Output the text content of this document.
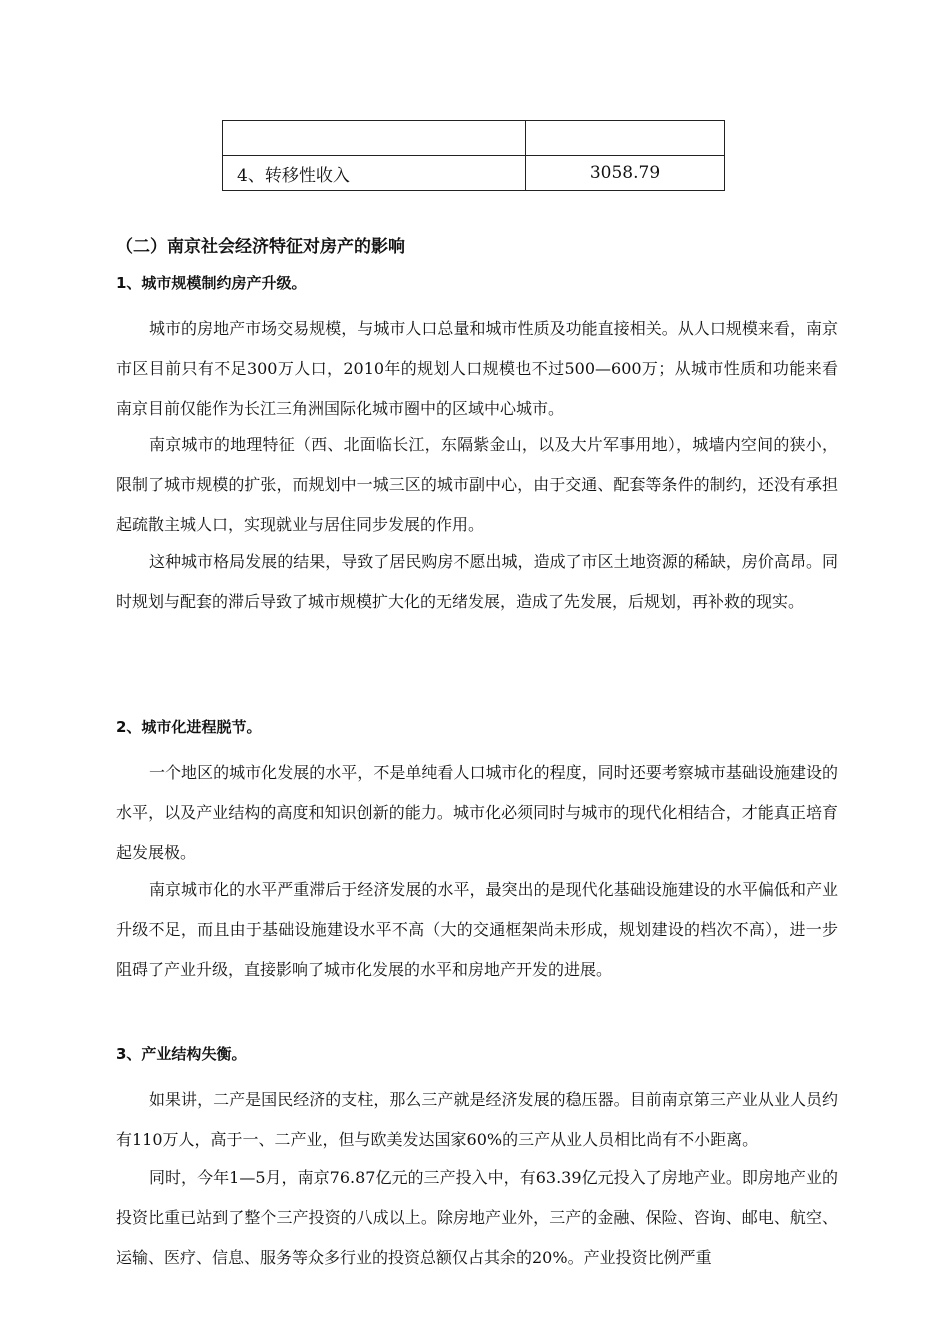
4、转移性收入	3058.79
（二）南京社会经济特征对房产的影响
1、城市规模制约房产升级。

城市的房地产市场交易规模，与城市人口总量和城市性质及功能直接相关。从人口规模来看，南京市区目前只有不足300万人口，2010年的规划人口规模也不过500—600万；从城市性质和功能来看南京目前仅能作为长江三角洲国际化城市圈中的区域中心城市。

南京城市的地理特征（西、北面临长江，东隔紫金山，以及大片军事用地），城墙内空间的狭小，限制了城市规模的扩张，而规划中一城三区的城市副中心，由于交通、配套等条件的制约，还没有承担起疏散主城人口，实现就业与居住同步发展的作用。

这种城市格局发展的结果，导致了居民购房不愿出城，造成了市区土地资源的稀缺，房价高昂。同时规划与配套的滞后导致了城市规模扩大化的无绪发展，造成了先发展，后规划，再补救的现实。

2、城市化进程脱节。

一个地区的城市化发展的水平，不是单纯看人口城市化的程度，同时还要考察城市基础设施建设的水平，以及产业结构的高度和知识创新的能力。城市化必须同时与城市的现代化相结合，才能真正培育起发展极。

南京城市化的水平严重滞后于经济发展的水平，最突出的是现代化基础设施建设的水平偏低和产业升级不足，而且由于基础设施建设水平不高（大的交通框架尚未形成，规划建设的档次不高），进一步阻碍了产业升级，直接影响了城市化发展的水平和房地产开发的进展。

3、产业结构失衡。

如果讲，二产是国民经济的支柱，那么三产就是经济发展的稳压器。目前南京第三产业从业人员约有110万人，高于一、二产业，但与欧美发达国家60%的三产从业人员相比尚有不小距离。

同时，今年1—5月，南京76.87亿元的三产投入中，有63.39亿元投入了房地产业。即房地产业的投资比重已站到了整个三产投资的八成以上。除房地产业外，三产的金融、保险、咨询、邮电、航空、运输、医疗、信息、服务等众多行业的投资总额仅占其余的20%。产业投资比例严重
